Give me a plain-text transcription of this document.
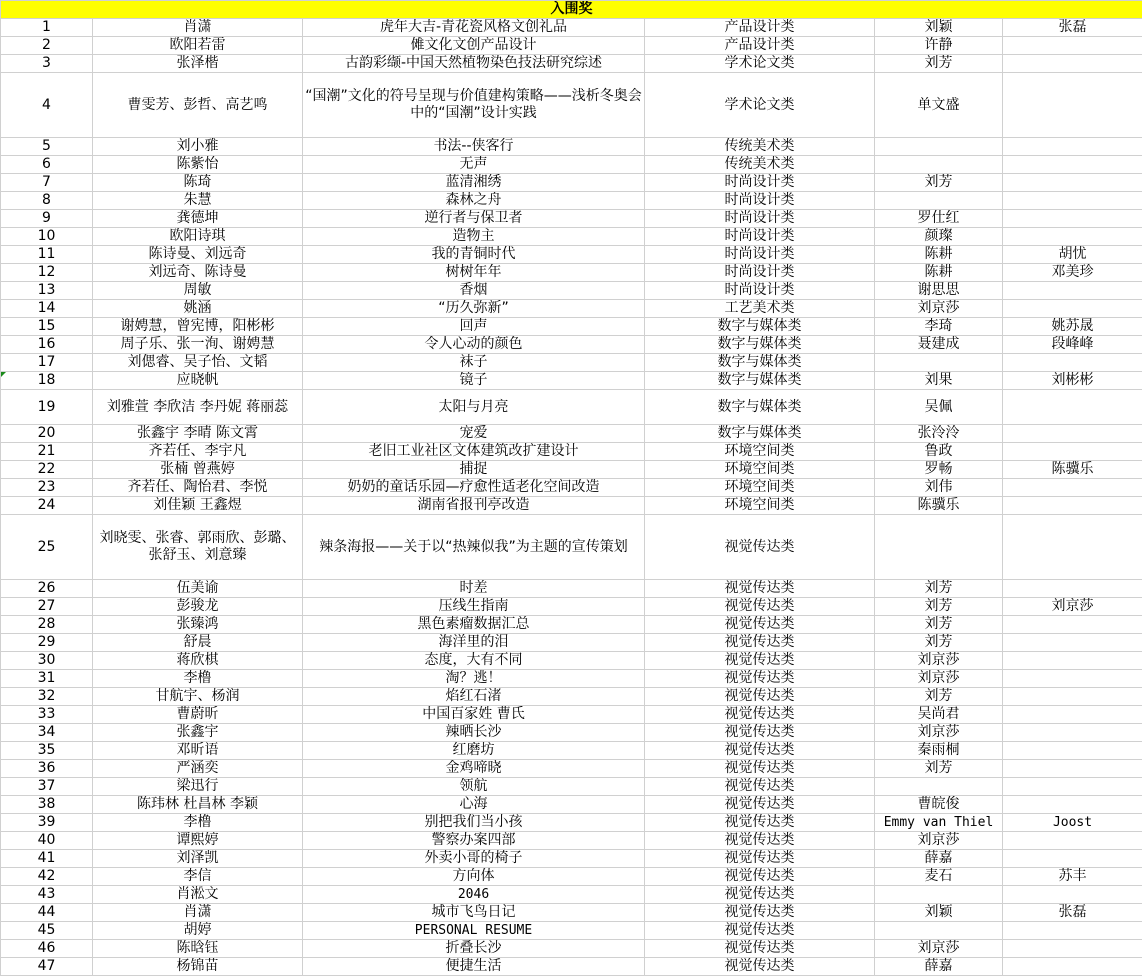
入围奖					
1	肖潇	虎年大吉-青花瓷风格文创礼品	产品设计类	刘颖	张磊
2	欧阳若雷	傩文化文创产品设计	产品设计类	许静	
3	张泽楷	古韵彩缬-中国天然植物染色技法研究综述	学术论文类	刘芳	
4	曹雯芳、彭哲、高艺鸣	“国潮”文化的符号呈现与价值建构策略——浅析冬奥会中的“国潮”设计实践	学术论文类	单文盛	
5	刘小雅	书法--侠客行	传统美术类		
6	陈紫怡	无声	传统美术类		
7	陈琦	蓝清湘绣	时尚设计类	刘芳	
8	朱慧	森林之舟	时尚设计类		
9	龚德坤	逆行者与保卫者	时尚设计类	罗仕红	
10	欧阳诗琪	造物主	时尚设计类	颜璨	
11	陈诗曼、刘远奇	我的青铜时代	时尚设计类	陈耕	胡忧
12	刘远奇、陈诗曼	树树年年	时尚设计类	陈耕	邓美珍
13	周敏	香烟	时尚设计类	谢思思	
14	姚涵	“历久弥新”	工艺美术类	刘京莎	
15	谢娉慧，曾宪博，阳彬彬	回声	数字与媒体类	李琦	姚苏晟
16	周子乐、张一洵、谢娉慧	令人心动的颜色	数字与媒体类	聂建成	段峰峰
17	刘偲睿、吴子怡、文韬	袜子	数字与媒体类		
18	应晓帆	镜子	数字与媒体类	刘果	刘彬彬
19	刘雅萱 李欣洁 李丹妮 蒋丽蕊	太阳与月亮	数字与媒体类	吴佩	
20	张鑫宇 李晴 陈文霄	宠爱	数字与媒体类	张泠泠	
21	齐若任、李宇凡	老旧工业社区文体建筑改扩建设计	环境空间类	鲁政	
22	张楠 曾燕婷	捕捉	环境空间类	罗畅	陈骥乐
23	齐若任、陶怡君、李悦	奶奶的童话乐园—疗愈性适老化空间改造	环境空间类	刘伟	
24	刘佳颖 王鑫煜	湖南省报刊亭改造	环境空间类	陈骥乐	
25	刘晓雯、张睿、郭雨欣、彭璐、张舒玉、刘意臻	辣条海报——关于以“热辣似我”为主题的宣传策划	视觉传达类		
26	伍美谕	时差	视觉传达类	刘芳	
27	彭骏龙	压线生指南	视觉传达类	刘芳	刘京莎
28	张臻鸿	黑色素瘤数据汇总	视觉传达类	刘芳	
29	舒晨	海洋里的泪	视觉传达类	刘芳	
30	蒋欣棋	态度，大有不同	视觉传达类	刘京莎	
31	李橹	淘？逃！	视觉传达类	刘京莎	
32	甘航宇、杨润	焰红石渚	视觉传达类	刘芳	
33	曹蔚昕	中国百家姓 曹氏	视觉传达类	吴尚君	
34	张鑫宇	辣晒长沙	视觉传达类	刘京莎	
35	邓昕语	红磨坊	视觉传达类	秦雨桐	
36	严涵奕	金鸡啼晓	视觉传达类	刘芳	
37	梁迅行	领航	视觉传达类		
38	陈玮林 杜昌林 李颖	心海	视觉传达类	曹皖俊	
39	李橹	别把我们当小孩	视觉传达类	Emmy van Thiel	Joost
40	谭熙婷	警察办案四部	视觉传达类	刘京莎	
41	刘泽凯	外卖小哥的椅子	视觉传达类	薛嘉	
42	李信	方向体	视觉传达类	麦石	苏丰
43	肖淞文	2046	视觉传达类		
44	肖潇	城市飞鸟日记	视觉传达类	刘颖	张磊
45	胡婷	PERSONAL RESUME	视觉传达类		
46	陈晗钰	折叠长沙	视觉传达类	刘京莎	
47	杨锦苗	便捷生活	视觉传达类	薛嘉	
